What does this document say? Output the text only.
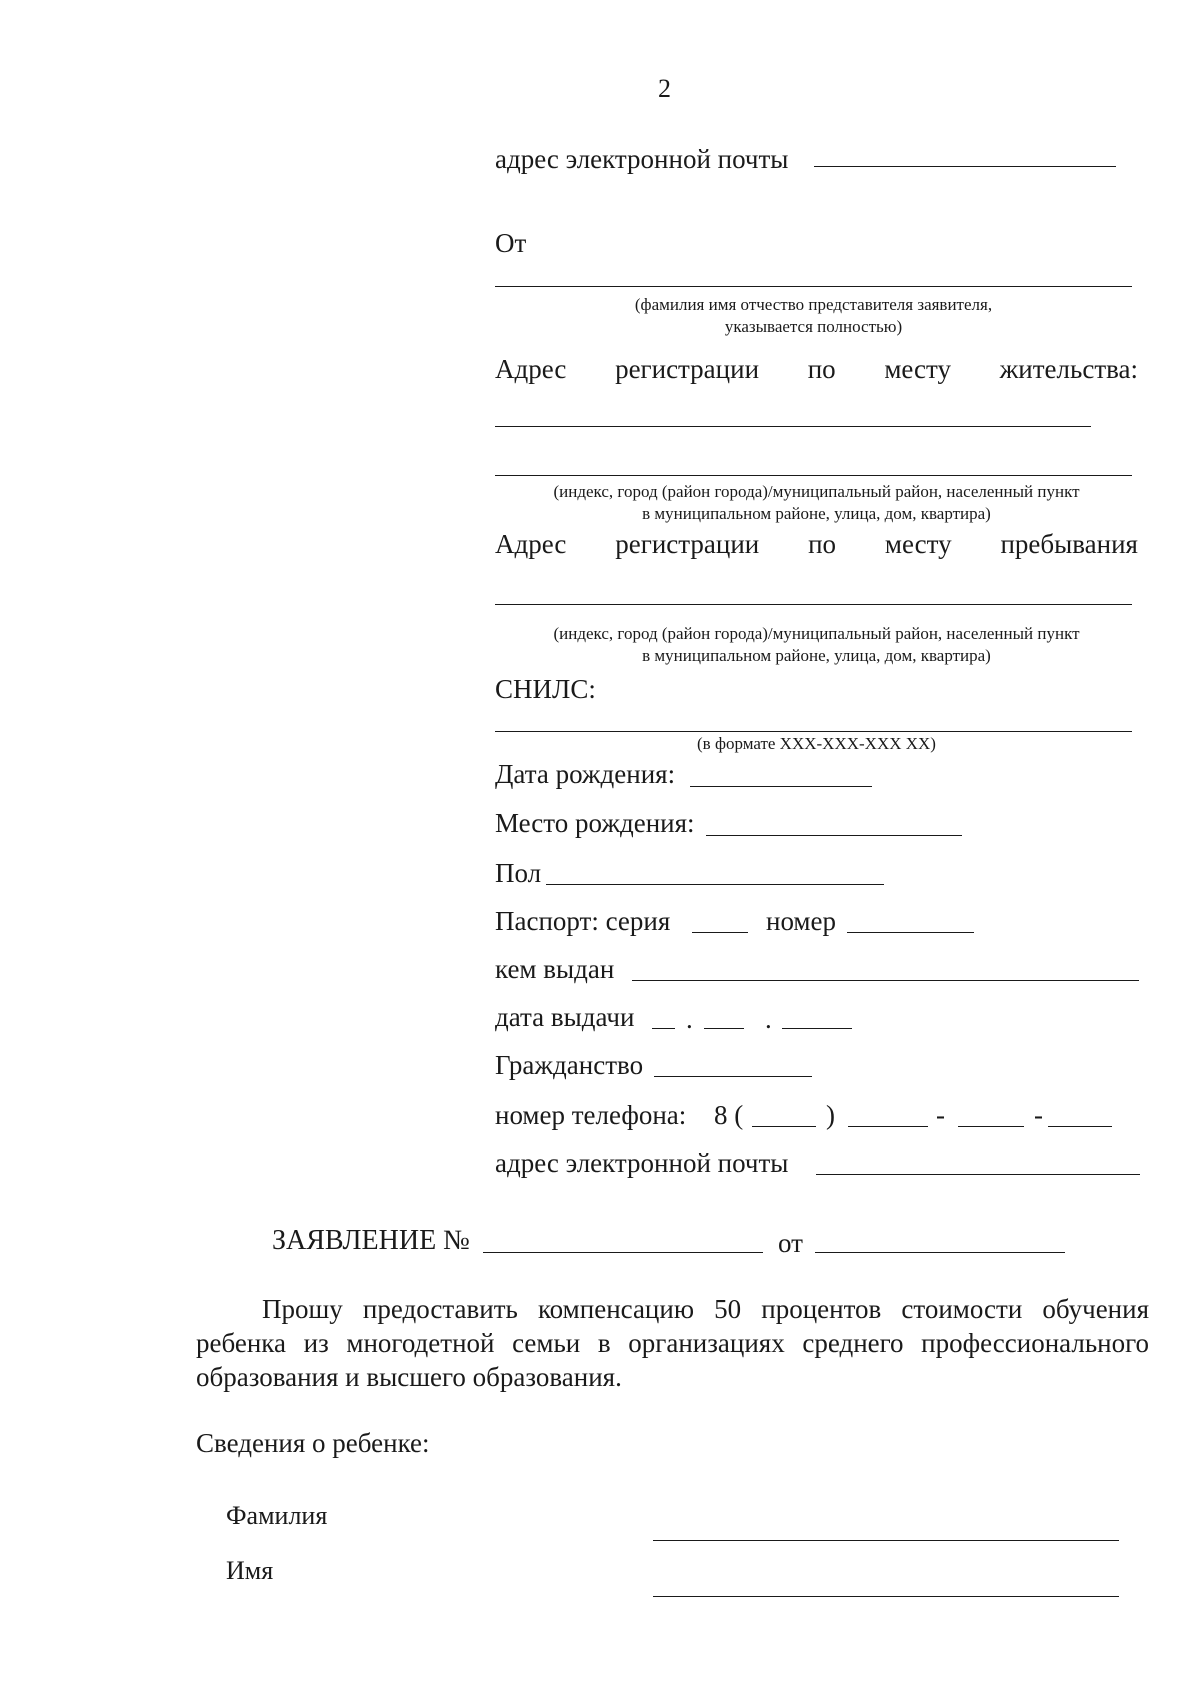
2
адрес электронной почты
От
(фамилия имя отчество представителя заявителя,
указывается полностью)
Адрес регистрации по месту жительства:
(индекс, город (район города)/муниципальный район, населенный пункт
в муниципальном районе, улица, дом, квартира)
Адрес регистрации по месту пребывания
(индекс, город (район города)/муниципальный район, населенный пункт
в муниципальном районе, улица, дом, квартира)
СНИЛС:
(в формате XXX-XXX-XXX XX)
Дата рождения:
Место рождения:
Пол
Паспорт: серия	номер
кем выдан
дата выдачи .	.
Гражданство
номер телефона: 8 (	)	-	-
адрес электронной почты
ЗАЯВЛЕНИЕ №	от
Прошу предоставить компенсацию 50 процентов стоимости обучения
ребенка из многодетной семьи в организациях среднего профессионального
образования и высшего образования.
Сведения о ребенке:
Фамилия
Имя
